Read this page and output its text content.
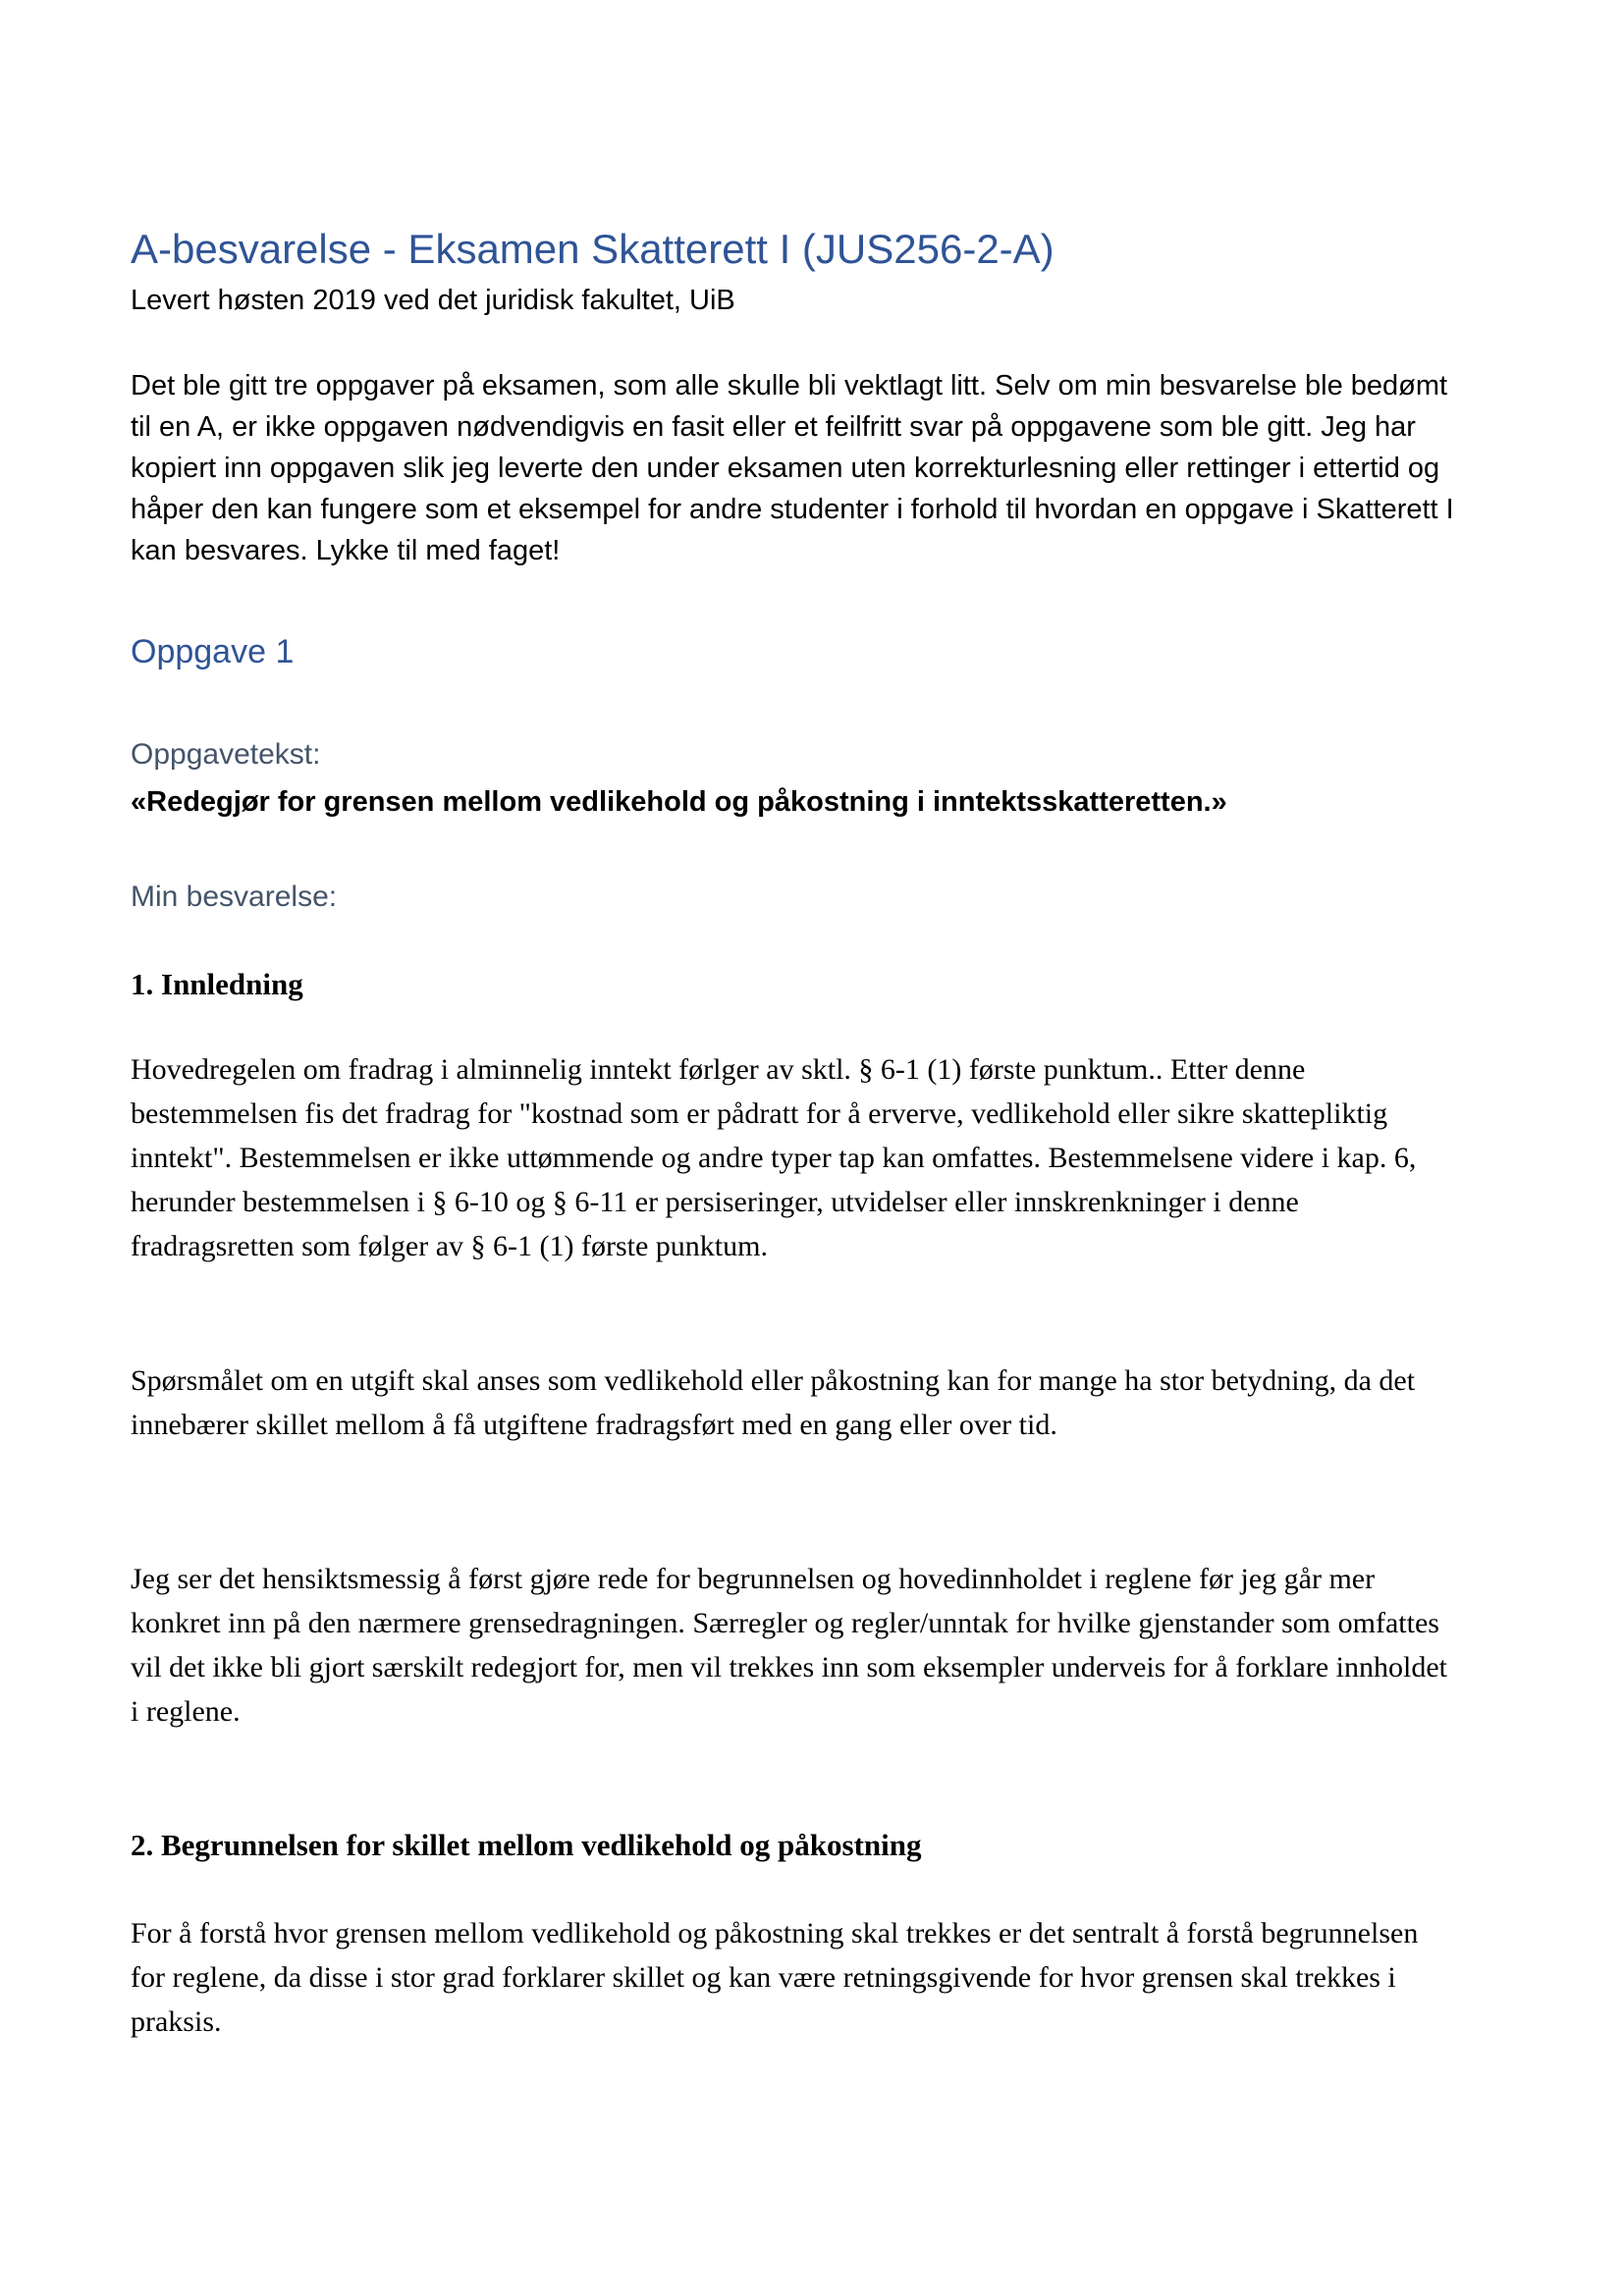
A-besvarelse - Eksamen Skatterett I (JUS256-2-A)

Levert høsten 2019 ved det juridisk fakultet, UiB

Det ble gitt tre oppgaver på eksamen, som alle skulle bli vektlagt litt. Selv om min besvarelse ble bedømt til en A, er ikke oppgaven nødvendigvis en fasit eller et feilfritt svar på oppgavene som ble gitt. Jeg har kopiert inn oppgaven slik jeg leverte den under eksamen uten korrekturlesning eller rettinger i ettertid og håper den kan fungere som et eksempel for andre studenter i forhold til hvordan en oppgave i Skatterett I kan besvares. Lykke til med faget!

Oppgave 1
Oppgavetekst:

«Redegjør for grensen mellom vedlikehold og påkostning i inntektsskatteretten.»

Min besvarelse:
1. Innledning

Hovedregelen om fradrag i alminnelig inntekt førlger av sktl. § 6-1 (1) første punktum.. Etter denne bestemmelsen fis det fradrag for "kostnad som er pådratt for å erverve, vedlikehold eller sikre skattepliktig inntekt". Bestemmelsen er ikke uttømmende og andre typer tap kan omfattes. Bestemmelsene videre i kap. 6, herunder bestemmelsen i § 6-10 og § 6-11 er persiseringer, utvidelser eller innskrenkninger i denne fradragsretten som følger av § 6-1 (1) første punktum.

Spørsmålet om en utgift skal anses som vedlikehold eller påkostning kan for mange ha stor betydning, da det innebærer skillet mellom å få utgiftene fradragsført med en gang eller over tid.

Jeg ser det hensiktsmessig å først gjøre rede for begrunnelsen og hovedinnholdet i reglene før jeg går mer konkret inn på den nærmere grensedragningen. Særregler og regler/unntak for hvilke gjenstander som omfattes vil det ikke bli gjort særskilt redegjort for, men vil trekkes inn som eksempler underveis for å forklare innholdet i reglene.

2. Begrunnelsen for skillet mellom vedlikehold og påkostning

For å forstå hvor grensen mellom vedlikehold og påkostning skal trekkes er det sentralt å forstå begrunnelsen for reglene, da disse i stor grad forklarer skillet og kan være retningsgivende for hvor grensen skal trekkes i praksis.
